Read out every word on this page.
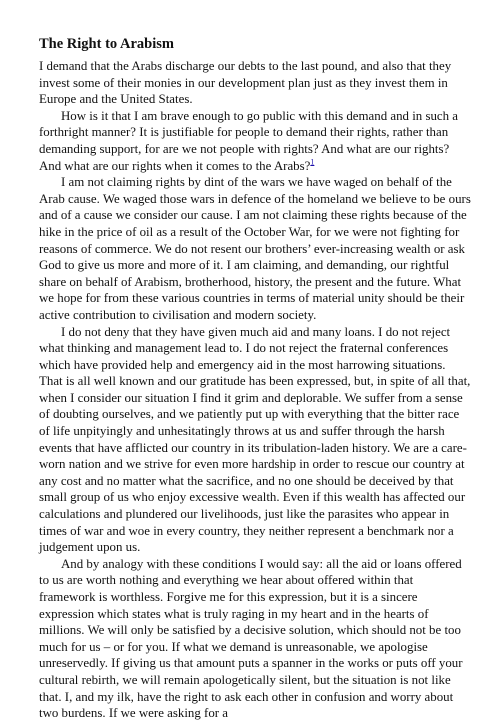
The Right to Arabism

I demand that the Arabs discharge our debts to the last pound, and also that they invest some of their monies in our development plan just as they invest them in Europe and the United States.

How is it that I am brave enough to go public with this demand and in such a forthright manner? It is justifiable for people to demand their rights, rather than demanding support, for are we not people with rights? And what are our rights? And what are our rights when it comes to the Arabs?$^1$

I am not claiming rights by dint of the wars we have waged on behalf of the Arab cause. We waged those wars in defence of the homeland we believe to be ours and of a cause we consider our cause. I am not claiming these rights because of the hike in the price of oil as a result of the October War, for we were not fighting for reasons of commerce. We do not resent our brothers’ ever-increasing wealth or ask God to give us more and more of it. I am claiming, and demanding, our rightful share on behalf of Arabism, brotherhood, history, the present and the future. What we hope for from these various countries in terms of material unity should be their active contribution to civilisation and modern society.

I do not deny that they have given much aid and many loans. I do not reject what thinking and management lead to. I do not reject the fraternal conferences which have provided help and emergency aid in the most harrowing situations. That is all well known and our gratitude has been expressed, but, in spite of all that, when I consider our situation I find it grim and deplorable. We suffer from a sense of doubting ourselves, and we patiently put up with everything that the bitter race of life unpityingly and unhesitatingly throws at us and suffer through the harsh events that have afflicted our country in its tribulation-laden history. We are a care-worn nation and we strive for even more hardship in order to rescue our country at any cost and no matter what the sacrifice, and no one should be deceived by that small group of us who enjoy excessive wealth. Even if this wealth has affected our calculations and plundered our livelihoods, just like the parasites who appear in times of war and woe in every country, they neither represent a benchmark nor a judgement upon us.

And by analogy with these conditions I would say: all the aid or loans offered to us are worth nothing and everything we hear about offered within that framework is worthless. Forgive me for this expression, but it is a sincere expression which states what is truly raging in my heart and in the hearts of millions. We will only be satisfied by a decisive solution, which should not be too much for us – or for you. If what we demand is unreasonable, we apologise unreservedly. If giving us that amount puts a spanner in the works or puts off your cultural rebirth, we will remain apologetically silent, but the situation is not like that. I, and my ilk, have the right to ask each other in confusion and worry about two burdens. If we were asking for a
